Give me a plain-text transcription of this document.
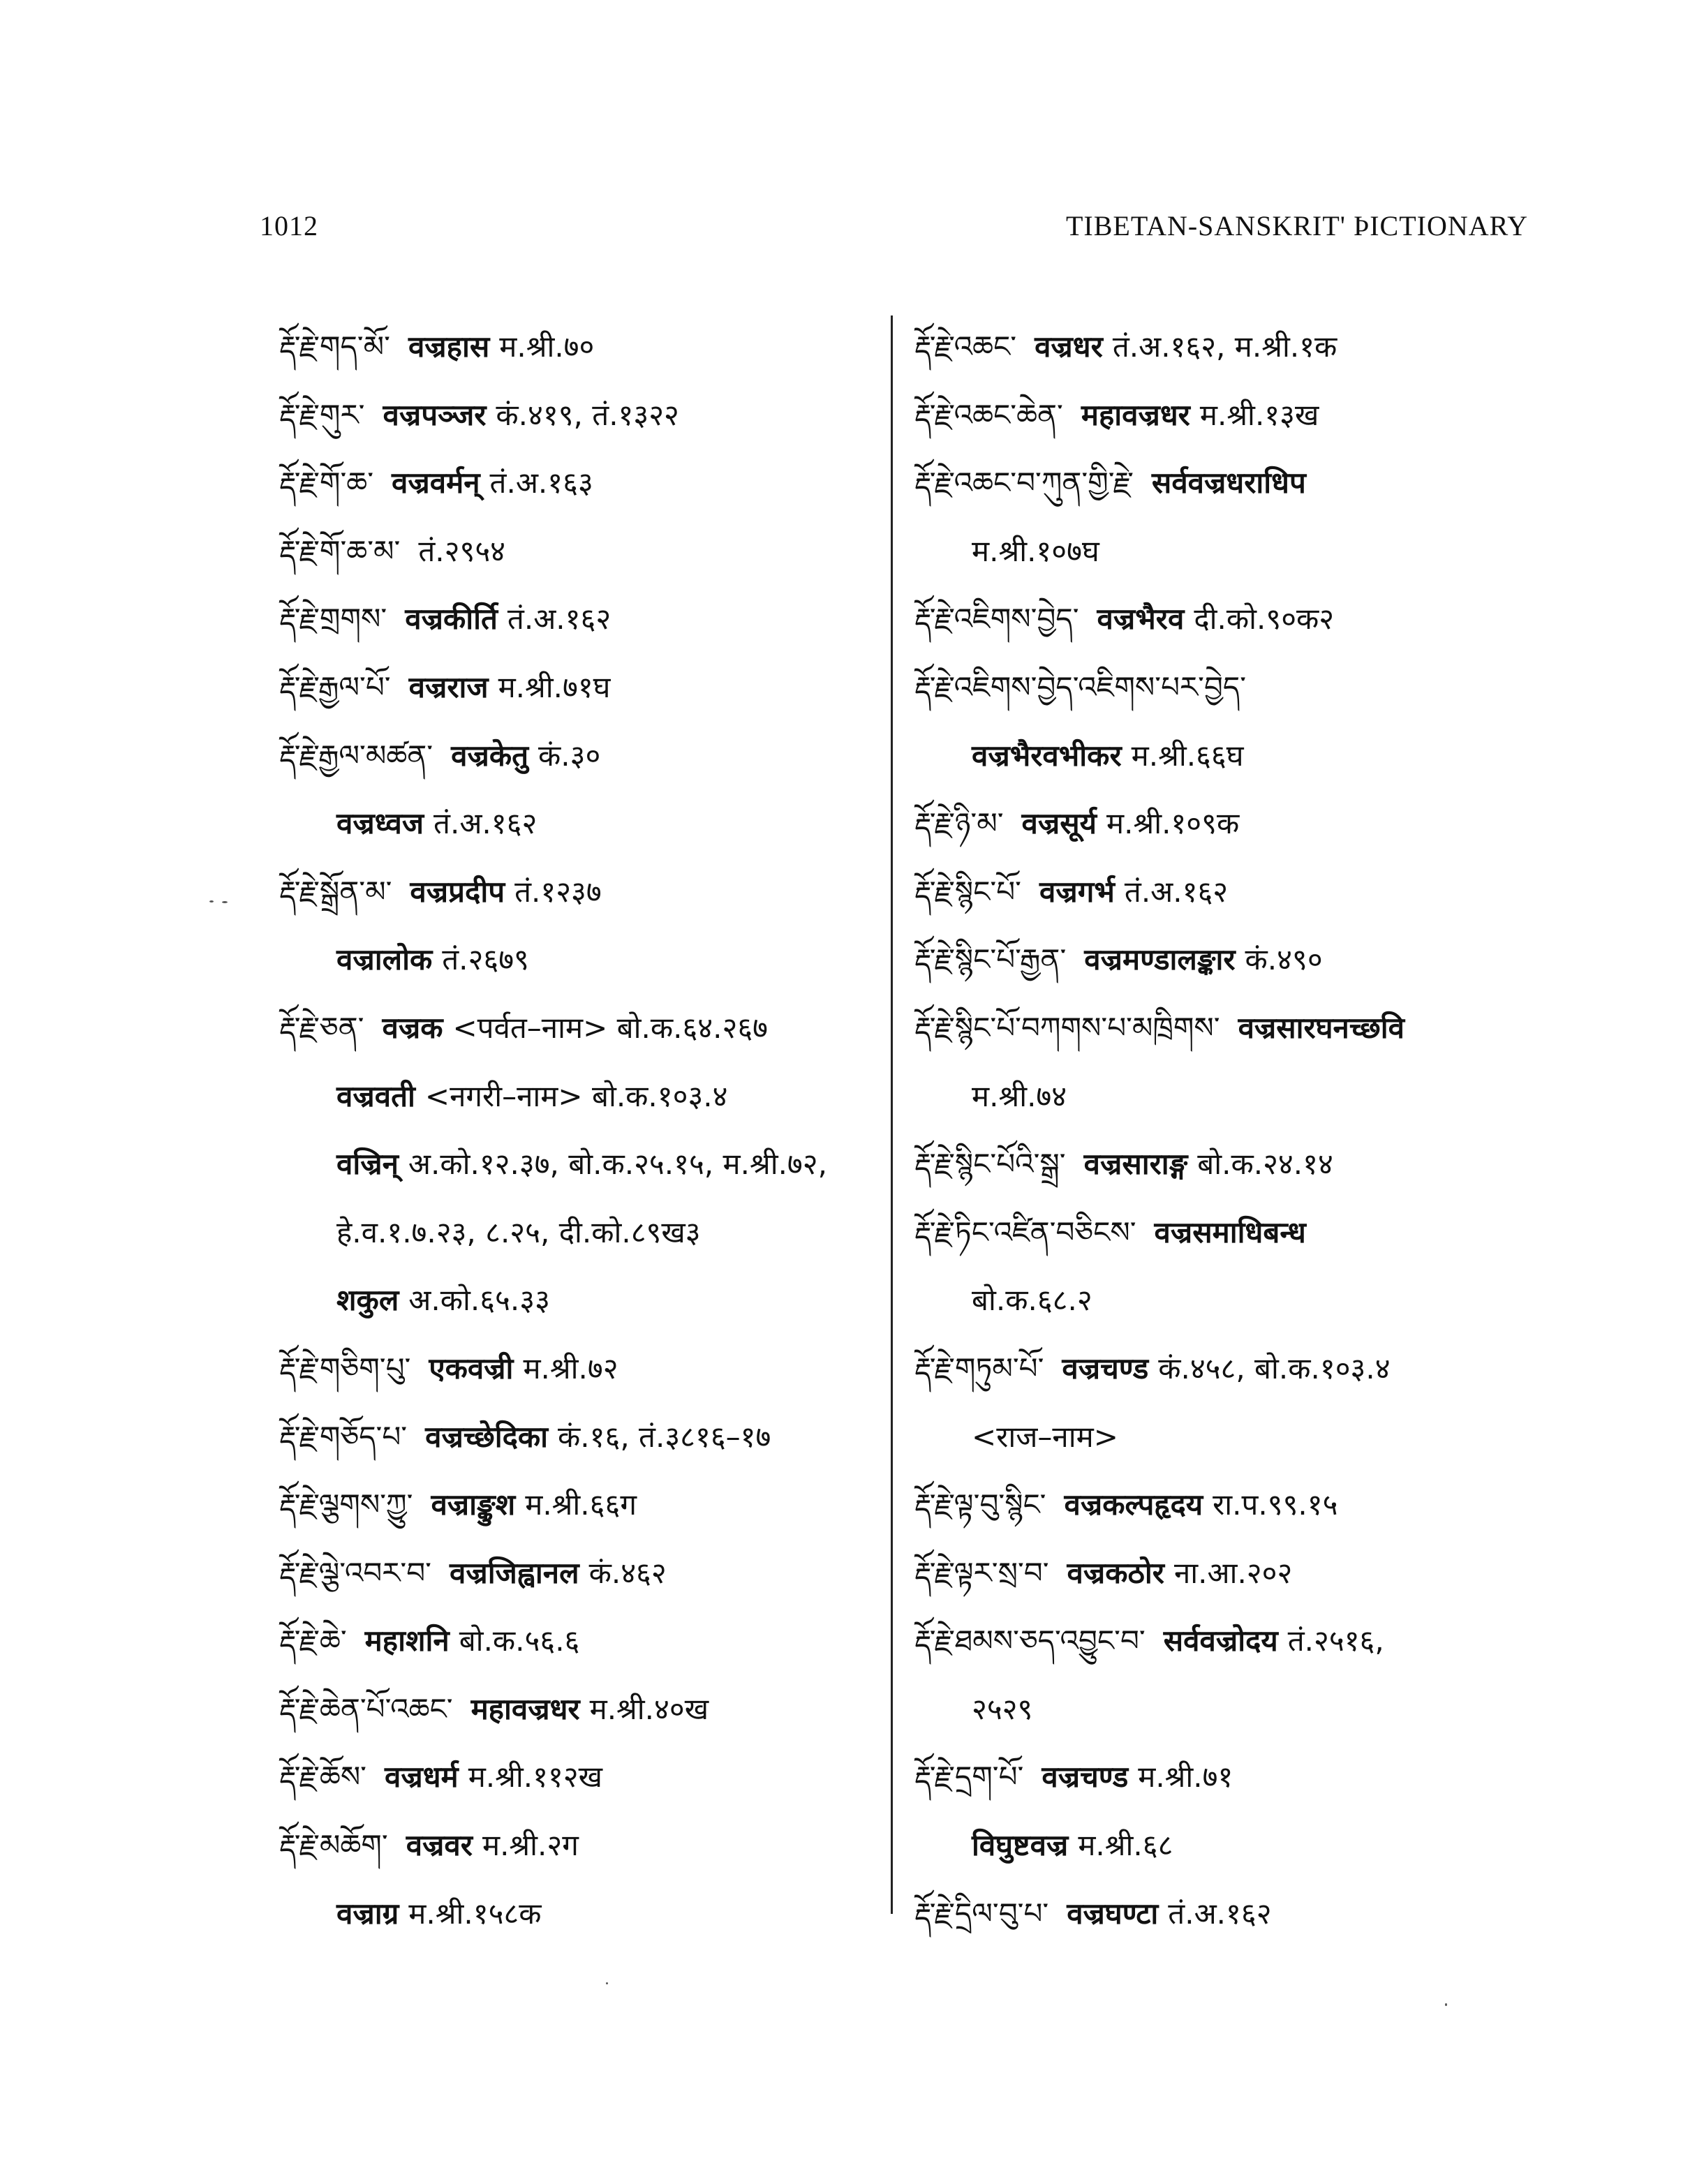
1012	TIBETAN-SANSKRIT' ÞICTIONARY
རྡོ་རྗེ་གད་མོ་ वज्रहास म.श्री.७०
རྡོ་རྗེ་གུར་ वज्रपञ्जर कं.४१९, तं.१३२२
རྡོ་རྗེ་གོ་ཆ་ वज्रवर्मन् तं.अ.१६३
རྡོ་རྗེ་གོ་ཆ་མ་ तं.२९५४
རྡོ་རྗེ་གྲགས་ वज्रकीर्ति तं.अ.१६२
རྡོ་རྗེ་རྒྱལ་པོ་ वज्रराज म.श्री.७१घ
རྡོ་རྗེ་རྒྱལ་མཚན་ वज्रकेतु कं.३०
वज्रध्वज तं.अ.१६२
རྡོ་རྗེ་སྒྲོན་མ་ वज्रप्रदीप तं.१२३७
वज्रालोक तं.२६७९
རྡོ་རྗེ་ཅན་ वज्रक <पर्वत–नाम> बो.क.६४.२६७
वज्रवती <नगरी–नाम> बो.क.१०३.४
वज्रिन् अ.को.१२.३७, बो.क.२५.१५, म.श्री.७२,
हे.व.१.७.२३, ८.२५, दी.को.८९ख३
शकुल अ.को.६५.३३
རྡོ་རྗེ་གཅིག་པུ་ एकवज्री म.श्री.७२
རྡོ་རྗེ་གཅོད་པ་ वज्रच्छेदिका कं.१६, तं.३८१६–१७
རྡོ་རྗེ་ལྕགས་ཀྱུ་ वज्राङ्कुश म.श्री.६६ग
རྡོ་རྗེ་ལྕེ་འབར་བ་ वज्रजिह्वानल कं.४६२
རྡོ་རྗེ་ཆེ་ महाशनि बो.क.५६.६
རྡོ་རྗེ་ཆེན་པོ་འཆང་ महावज्रधर म.श्री.४०ख
རྡོ་རྗེ་ཆོས་ वज्रधर्म म.श्री.११२ख
རྡོ་རྗེ་མཆོག་ वज्रवर म.श्री.२ग
वज्राग्र म.श्री.१५८क
རྡོ་རྗེ་འཆང་ वज्रधर तं.अ.१६२, म.श्री.१क
རྡོ་རྗེ་འཆང་ཆེན་ महावज्रधर म.श्री.१३ख
རྡོ་རྗེ་འཆང་བ་ཀུན་གྱི་རྗེ་ सर्ववज्रधराधिप
म.श्री.१०७घ
རྡོ་རྗེ་འཇིགས་བྱེད་ वज्रभैरव दी.को.९०क२
རྡོ་རྗེ་འཇིགས་བྱེད་འཇིགས་པར་བྱེད་
वज्रभैरवभीकर म.श्री.६६घ
རྡོ་རྗེ་ཉི་མ་ वज्रसूर्य म.श्री.१०९क
རྡོ་རྗེ་སྙིང་པོ་ वज्रगर्भ तं.अ.१६२
རྡོ་རྗེ་སྙིང་པོ་རྒྱན་ वज्रमण्डालङ्कार कं.४९०
རྡོ་རྗེ་སྙིང་པོ་བཀགས་པ་མཁྲིགས་ वज्रसारघनच्छवि
म.श्री.७४
རྡོ་རྗེ་སྙིང་པོའི་སྒྲ་ वज्रसाराङ्ग बो.क.२४.१४
རྡོ་རྗེ་ཏིང་འཛིན་བཅིངས་ वज्रसमाधिबन्ध
बो.क.६८.२
རྡོ་རྗེ་གཏུམ་པོ་ वज्रचण्ड कं.४५८, बो.क.१०३.४
<राज–नाम>
རྡོ་རྗེ་ལྟ་བུ་སྙིང་ वज्रकल्पहृदय रा.प.९९.१५
རྡོ་རྗེ་ལྟར་སྲ་བ་ वज्रकठोर ना.आ.२०२
རྡོ་རྗེ་ཐམས་ཅད་འབྱུང་བ་ सर्ववज्रोदय तं.२५१६,
२५२९
རྡོ་རྗེ་དྲག་པོ་ वज्रचण्ड म.श्री.७१
विघुष्टवज्र म.श्री.६८
རྡོ་རྗེ་དྲིལ་བུ་པ་ वज्रघण्टा तं.अ.१६२
